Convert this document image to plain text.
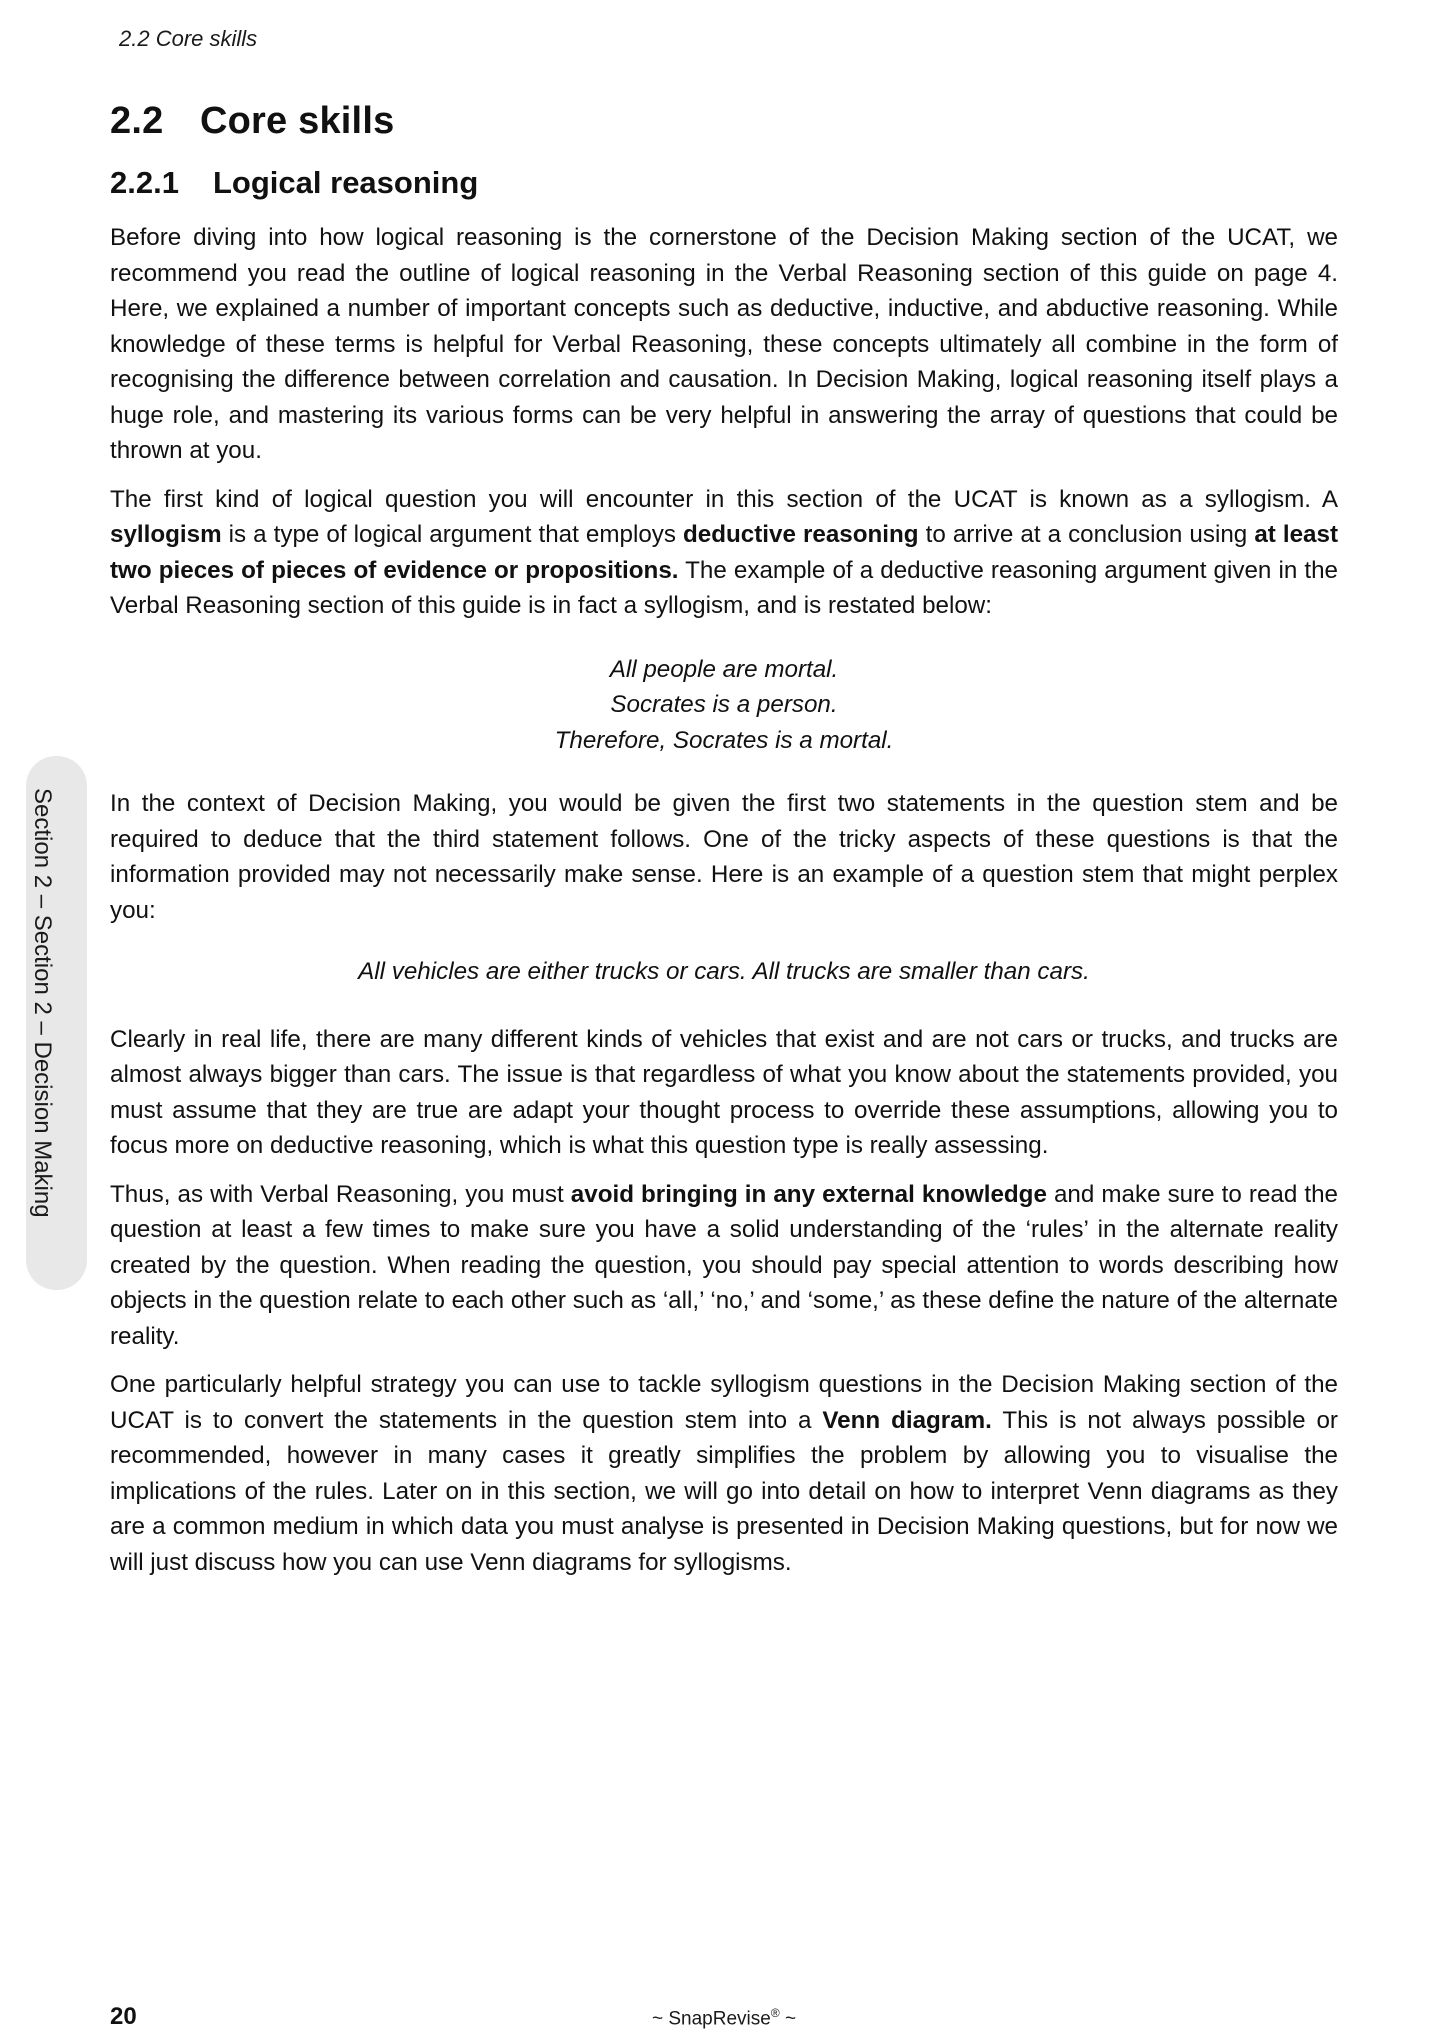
2.2 Core skills
2.2 Core skills
2.2.1 Logical reasoning

Before diving into how logical reasoning is the cornerstone of the Decision Making section of the UCAT, we recommend you read the outline of logical reasoning in the Verbal Reasoning section of this guide on page 4. Here, we explained a number of important concepts such as deductive, inductive, and abductive reasoning. While knowledge of these terms is helpful for Verbal Reasoning, these concepts ultimately all combine in the form of recognising the difference between correlation and causation. In Decision Making, logical reasoning itself plays a huge role, and mastering its various forms can be very helpful in answering the array of questions that could be thrown at you.

The first kind of logical question you will encounter in this section of the UCAT is known as a syllogism. A syllogism is a type of logical argument that employs deductive reasoning to arrive at a conclusion using at least two pieces of pieces of evidence or propositions. The example of a deductive reasoning argument given in the Verbal Reasoning section of this guide is in fact a syllogism, and is restated below:

All people are mortal.
Socrates is a person.
Therefore, Socrates is a mortal.

In the context of Decision Making, you would be given the first two statements in the question stem and be required to deduce that the third statement follows. One of the tricky aspects of these questions is that the information provided may not necessarily make sense. Here is an example of a question stem that might perplex you:

All vehicles are either trucks or cars. All trucks are smaller than cars.

Clearly in real life, there are many different kinds of vehicles that exist and are not cars or trucks, and trucks are almost always bigger than cars. The issue is that regardless of what you know about the statements provided, you must assume that they are true are adapt your thought process to override these assumptions, allowing you to focus more on deductive reasoning, which is what this question type is really assessing.

Thus, as with Verbal Reasoning, you must avoid bringing in any external knowledge and make sure to read the question at least a few times to make sure you have a solid understanding of the ‘rules’ in the alternate reality created by the question. When reading the question, you should pay special attention to words describing how objects in the question relate to each other such as ‘all,’ ‘no,’ and ‘some,’ as these define the nature of the alternate reality.

One particularly helpful strategy you can use to tackle syllogism questions in the Decision Making section of the UCAT is to convert the statements in the question stem into a Venn diagram. This is not always possible or recommended, however in many cases it greatly simplifies the problem by allowing you to visualise the implications of the rules. Later on in this section, we will go into detail on how to interpret Venn diagrams as they are a common medium in which data you must analyse is presented in Decision Making questions, but for now we will just discuss how you can use Venn diagrams for syllogisms.

Section 2 – Section 2 – Decision Making
20	~ SnapRevise® ~
